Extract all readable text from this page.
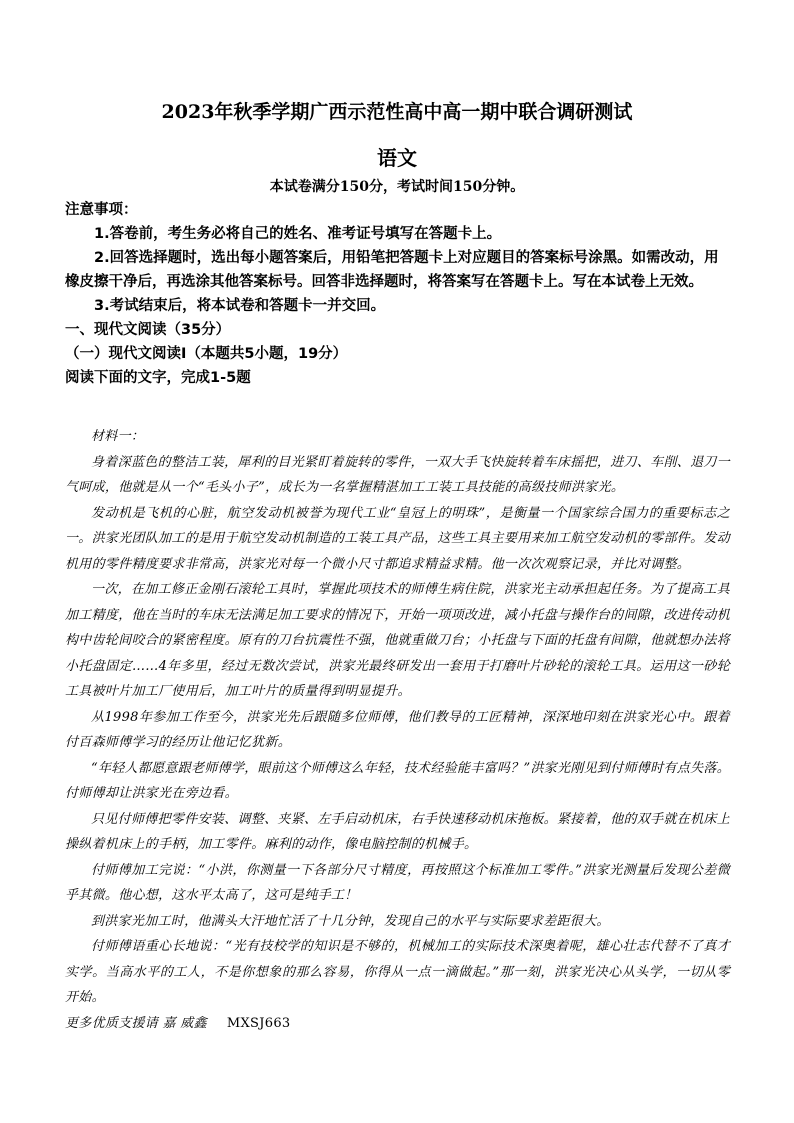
2023年秋季学期广西示范性高中高一期中联合调研测试
语文
本试卷满分150分，考试时间150分钟。

注意事项：

1.答卷前，考生务必将自己的姓名、准考证号填写在答题卡上。

2.回答选择题时，选出每小题答案后，用铅笔把答题卡上对应题目的答案标号涂黑。如需改动，用橡皮擦干净后，再选涂其他答案标号。回答非选择题时，将答案写在答题卡上。写在本试卷上无效。

3.考试结束后，将本试卷和答题卡一并交回。

一、现代文阅读（35分）

（一）现代文阅读Ⅰ（本题共5小题，19分）

阅读下面的文字，完成1-5题

材料一：

身着深蓝色的整洁工装，犀利的目光紧盯着旋转的零件，一双大手飞快旋转着车床摇把，进刀、车削、退刀一气呵成，他就是从一个“毛头小子”，成长为一名掌握精湛加工工装工具技能的高级技师洪家光。

发动机是飞机的心脏，航空发动机被誉为现代工业“皇冠上的明珠”，是衡量一个国家综合国力的重要标志之一。洪家光团队加工的是用于航空发动机制造的工装工具产品，这些工具主要用来加工航空发动机的零部件。发动机用的零件精度要求非常高，洪家光对每一个微小尺寸都追求精益求精。他一次次观察记录，并比对调整。

一次，在加工修正金刚石滚轮工具时，掌握此项技术的师傅生病住院，洪家光主动承担起任务。为了提高工具加工精度，他在当时的车床无法满足加工要求的情况下，开始一项项改进，减小托盘与操作台的间隙，改进传动机构中齿轮间咬合的紧密程度。原有的刀台抗震性不强，他就重做刀台；小托盘与下面的托盘有间隙，他就想办法将小托盘固定……4年多里，经过无数次尝试，洪家光最终研发出一套用于打磨叶片砂轮的滚轮工具。运用这一砂轮工具被叶片加工厂使用后，加工叶片的质量得到明显提升。

从1998年参加工作至今，洪家光先后跟随多位师傅，他们教导的工匠精神，深深地印刻在洪家光心中。跟着付百森师傅学习的经历让他记忆犹新。

“年轻人都愿意跟老师傅学，眼前这个师傅这么年轻，技术经验能丰富吗？”洪家光刚见到付师傅时有点失落。付师傅却让洪家光在旁边看。

只见付师傅把零件安装、调整、夹紧、左手启动机床，右手快速移动机床拖板。紧接着，他的双手就在机床上操纵着机床上的手柄，加工零件。麻利的动作，像电脑控制的机械手。

付师傅加工完说：“小洪，你测量一下各部分尺寸精度，再按照这个标准加工零件。”洪家光测量后发现公差微乎其微。他心想，这水平太高了，这可是纯手工！

到洪家光加工时，他满头大汗地忙活了十几分钟，发现自己的水平与实际要求差距很大。

付师傅语重心长地说：“光有技校学的知识是不够的，机械加工的实际技术深奥着呢，雄心壮志代替不了真才实学。当高水平的工人，不是你想象的那么容易，你得从一点一滴做起。”那一刻，洪家光决心从头学，一切从零开始。

更多优质支援请 嘉 威鑫 MXSJ663
